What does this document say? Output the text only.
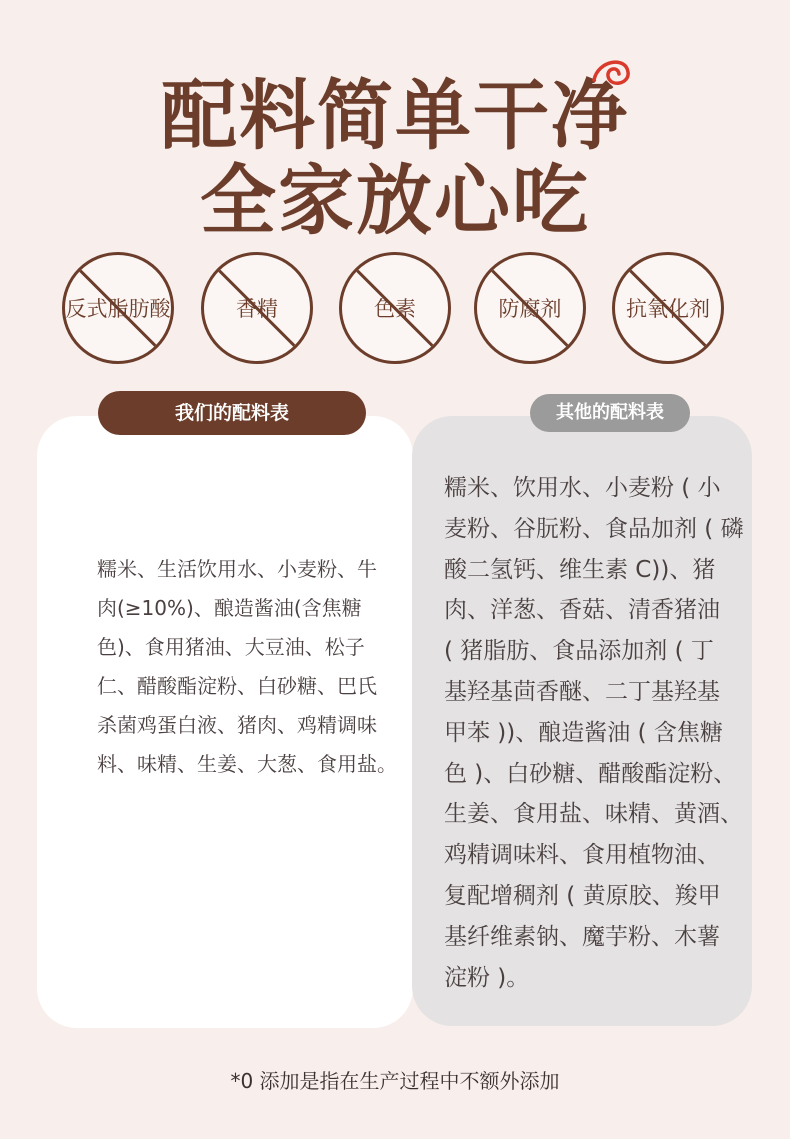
配料简单干净
全家放心吃
反式脂肪酸	香精	色素	防腐剂	抗氧化剂
我们的配料表	其他的配料表
糯米、生活饮用水、小麦粉、牛
肉(≥10%)、酿造酱油(含焦糖
色)、食用猪油、大豆油、松子
仁、醋酸酯淀粉、白砂糖、巴氏
杀菌鸡蛋白液、猪肉、鸡精调味
料、味精、生姜、大葱、食用盐。
糯米、饮用水、小麦粉 ( 小
麦粉、谷朊粉、食品加剂 ( 磷
酸二氢钙、维生素 C))、猪
肉、洋葱、香菇、清香猪油
( 猪脂肪、食品添加剂 ( 丁
基羟基茴香醚、二丁基羟基
甲苯 ))、酿造酱油 ( 含焦糖
色 )、白砂糖、醋酸酯淀粉、
生姜、食用盐、味精、黄酒、
鸡精调味料、食用植物油、
复配增稠剂 ( 黄原胶、羧甲
基纤维素钠、魔芋粉、木薯
淀粉 )。
*0 添加是指在生产过程中不额外添加
